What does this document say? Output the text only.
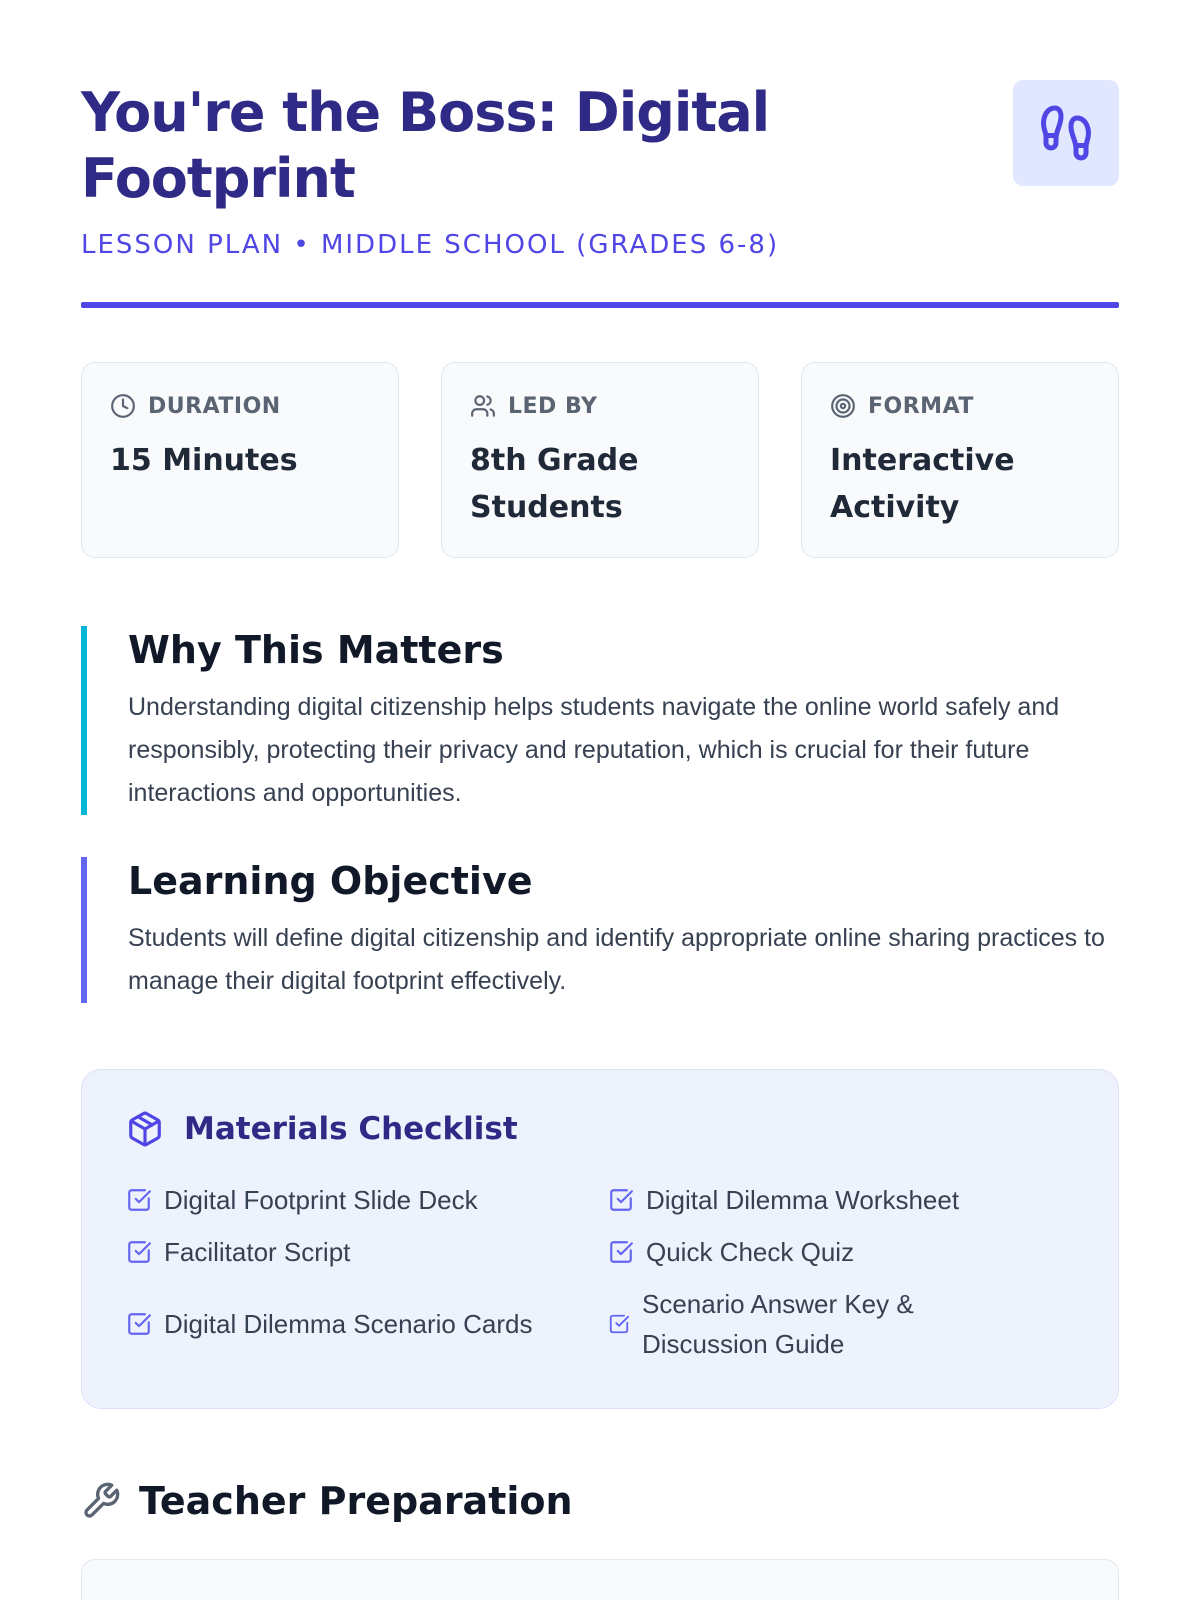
You're the Boss: Digital Footprint
LESSON PLAN • MIDDLE SCHOOL (GRADES 6-8)
DURATION
15 Minutes
LED BY
8th Grade Students
FORMAT
Interactive Activity
Why This Matters

Understanding digital citizenship helps students navigate the online world safely and responsibly, protecting their privacy and reputation, which is crucial for their future interactions and opportunities.

Learning Objective

Students will define digital citizenship and identify appropriate online sharing practices to manage their digital footprint effectively.

Materials Checklist
Digital Footprint Slide Deck	Digital Dilemma Worksheet
Facilitator Script	Quick Check Quiz
Digital Dilemma Scenario Cards
Scenario Answer Key & Discussion Guide
Teacher Preparation
